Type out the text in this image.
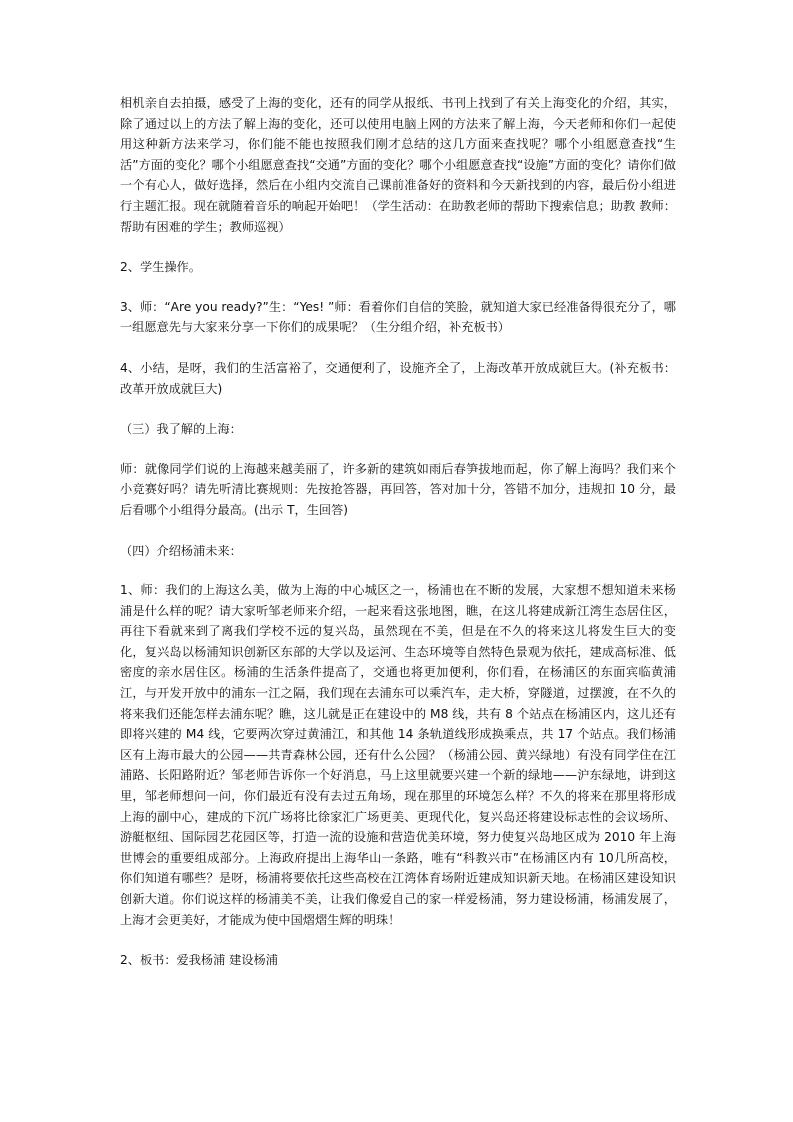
相机亲自去拍摄，感受了上海的变化，还有的同学从报纸、书刊上找到了有关上海变化的介绍，其实，除了通过以上的方法了解上海的变化，还可以使用电脑上网的方法来了解上海，今天老师和你们一起使用这种新方法来学习，你们能不能也按照我们刚才总结的这几方面来查找呢？哪个小组愿意查找“生活”方面的变化？哪个小组愿意查找“交通”方面的变化？哪个小组愿意查找“设施”方面的变化？请你们做一个有心人，做好选择，然后在小组内交流自己课前准备好的资料和今天新找到的内容，最后份小组进行主题汇报。现在就随着音乐的响起开始吧！（学生活动：在助教老师的帮助下搜索信息；助教 教师：帮助有困难的学生；教师巡视）

2、学生操作。

3、师：“Are you ready?”生：“Yes! ”师：看着你们自信的笑脸，就知道大家已经准备得很充分了，哪一组愿意先与大家来分享一下你们的成果呢？（生分组介绍，补充板书）

4、小结，是呀，我们的生活富裕了，交通便利了，设施齐全了，上海改革开放成就巨大。(补充板书：改革开放成就巨大)

（三）我了解的上海：

师：就像同学们说的上海越来越美丽了，许多新的建筑如雨后春笋拔地而起，你了解上海吗？我们来个小竞赛好吗？请先听清比赛规则：先按抢答器，再回答，答对加十分，答错不加分，违规扣 10 分，最后看哪个小组得分最高。(出示 T，生回答)

（四）介绍杨浦未来：

1、师：我们的上海这么美，做为上海的中心城区之一，杨浦也在不断的发展，大家想不想知道未来杨浦是什么样的呢？请大家听邹老师来介绍，一起来看这张地图，瞧，在这儿将建成新江湾生态居住区，再往下看就来到了离我们学校不远的复兴岛，虽然现在不美，但是在不久的将来这儿将发生巨大的变化，复兴岛以杨浦知识创新区东部的大学以及运河、生态环境等自然特色景观为依托，建成高标准、低密度的亲水居住区。杨浦的生活条件提高了，交通也将更加便利，你们看，在杨浦区的东面宾临黄浦江，与开发开放中的浦东一江之隔，我们现在去浦东可以乘汽车，走大桥，穿隧道，过摆渡，在不久的将来我们还能怎样去浦东呢？瞧，这儿就是正在建设中的 M8 线，共有 8 个站点在杨浦区内，这儿还有即将兴建的 M4 线，它要两次穿过黄浦江，和其他 14 条轨道线形成换乘点，共 17 个站点。我们杨浦区有上海市最大的公园——共青森林公园，还有什么公园？（杨浦公园、黄兴绿地）有没有同学住在江浦路、长阳路附近？邹老师告诉你一个好消息，马上这里就要兴建一个新的绿地——沪东绿地，讲到这里，邹老师想问一问，你们最近有没有去过五角场，现在那里的环境怎么样？不久的将来在那里将形成上海的副中心，建成的下沉广场将比徐家汇广场更美、更现代化，复兴岛还将建设标志性的会议场所、游艇枢纽、国际园艺花园区等，打造一流的设施和营造优美环境，努力使复兴岛地区成为 2010 年上海世博会的重要组成部分。上海政府提出上海华山一条路，唯有“科教兴市”在杨浦区内有 10几所高校，你们知道有哪些？是呀，杨浦将要依托这些高校在江湾体育场附近建成知识新天地。在杨浦区建设知识创新大道。你们说这样的杨浦美不美，让我们像爱自己的家一样爱杨浦，努力建设杨浦，杨浦发展了，上海才会更美好，才能成为使中国熠熠生辉的明珠！

2、板书：爱我杨浦 建设杨浦
